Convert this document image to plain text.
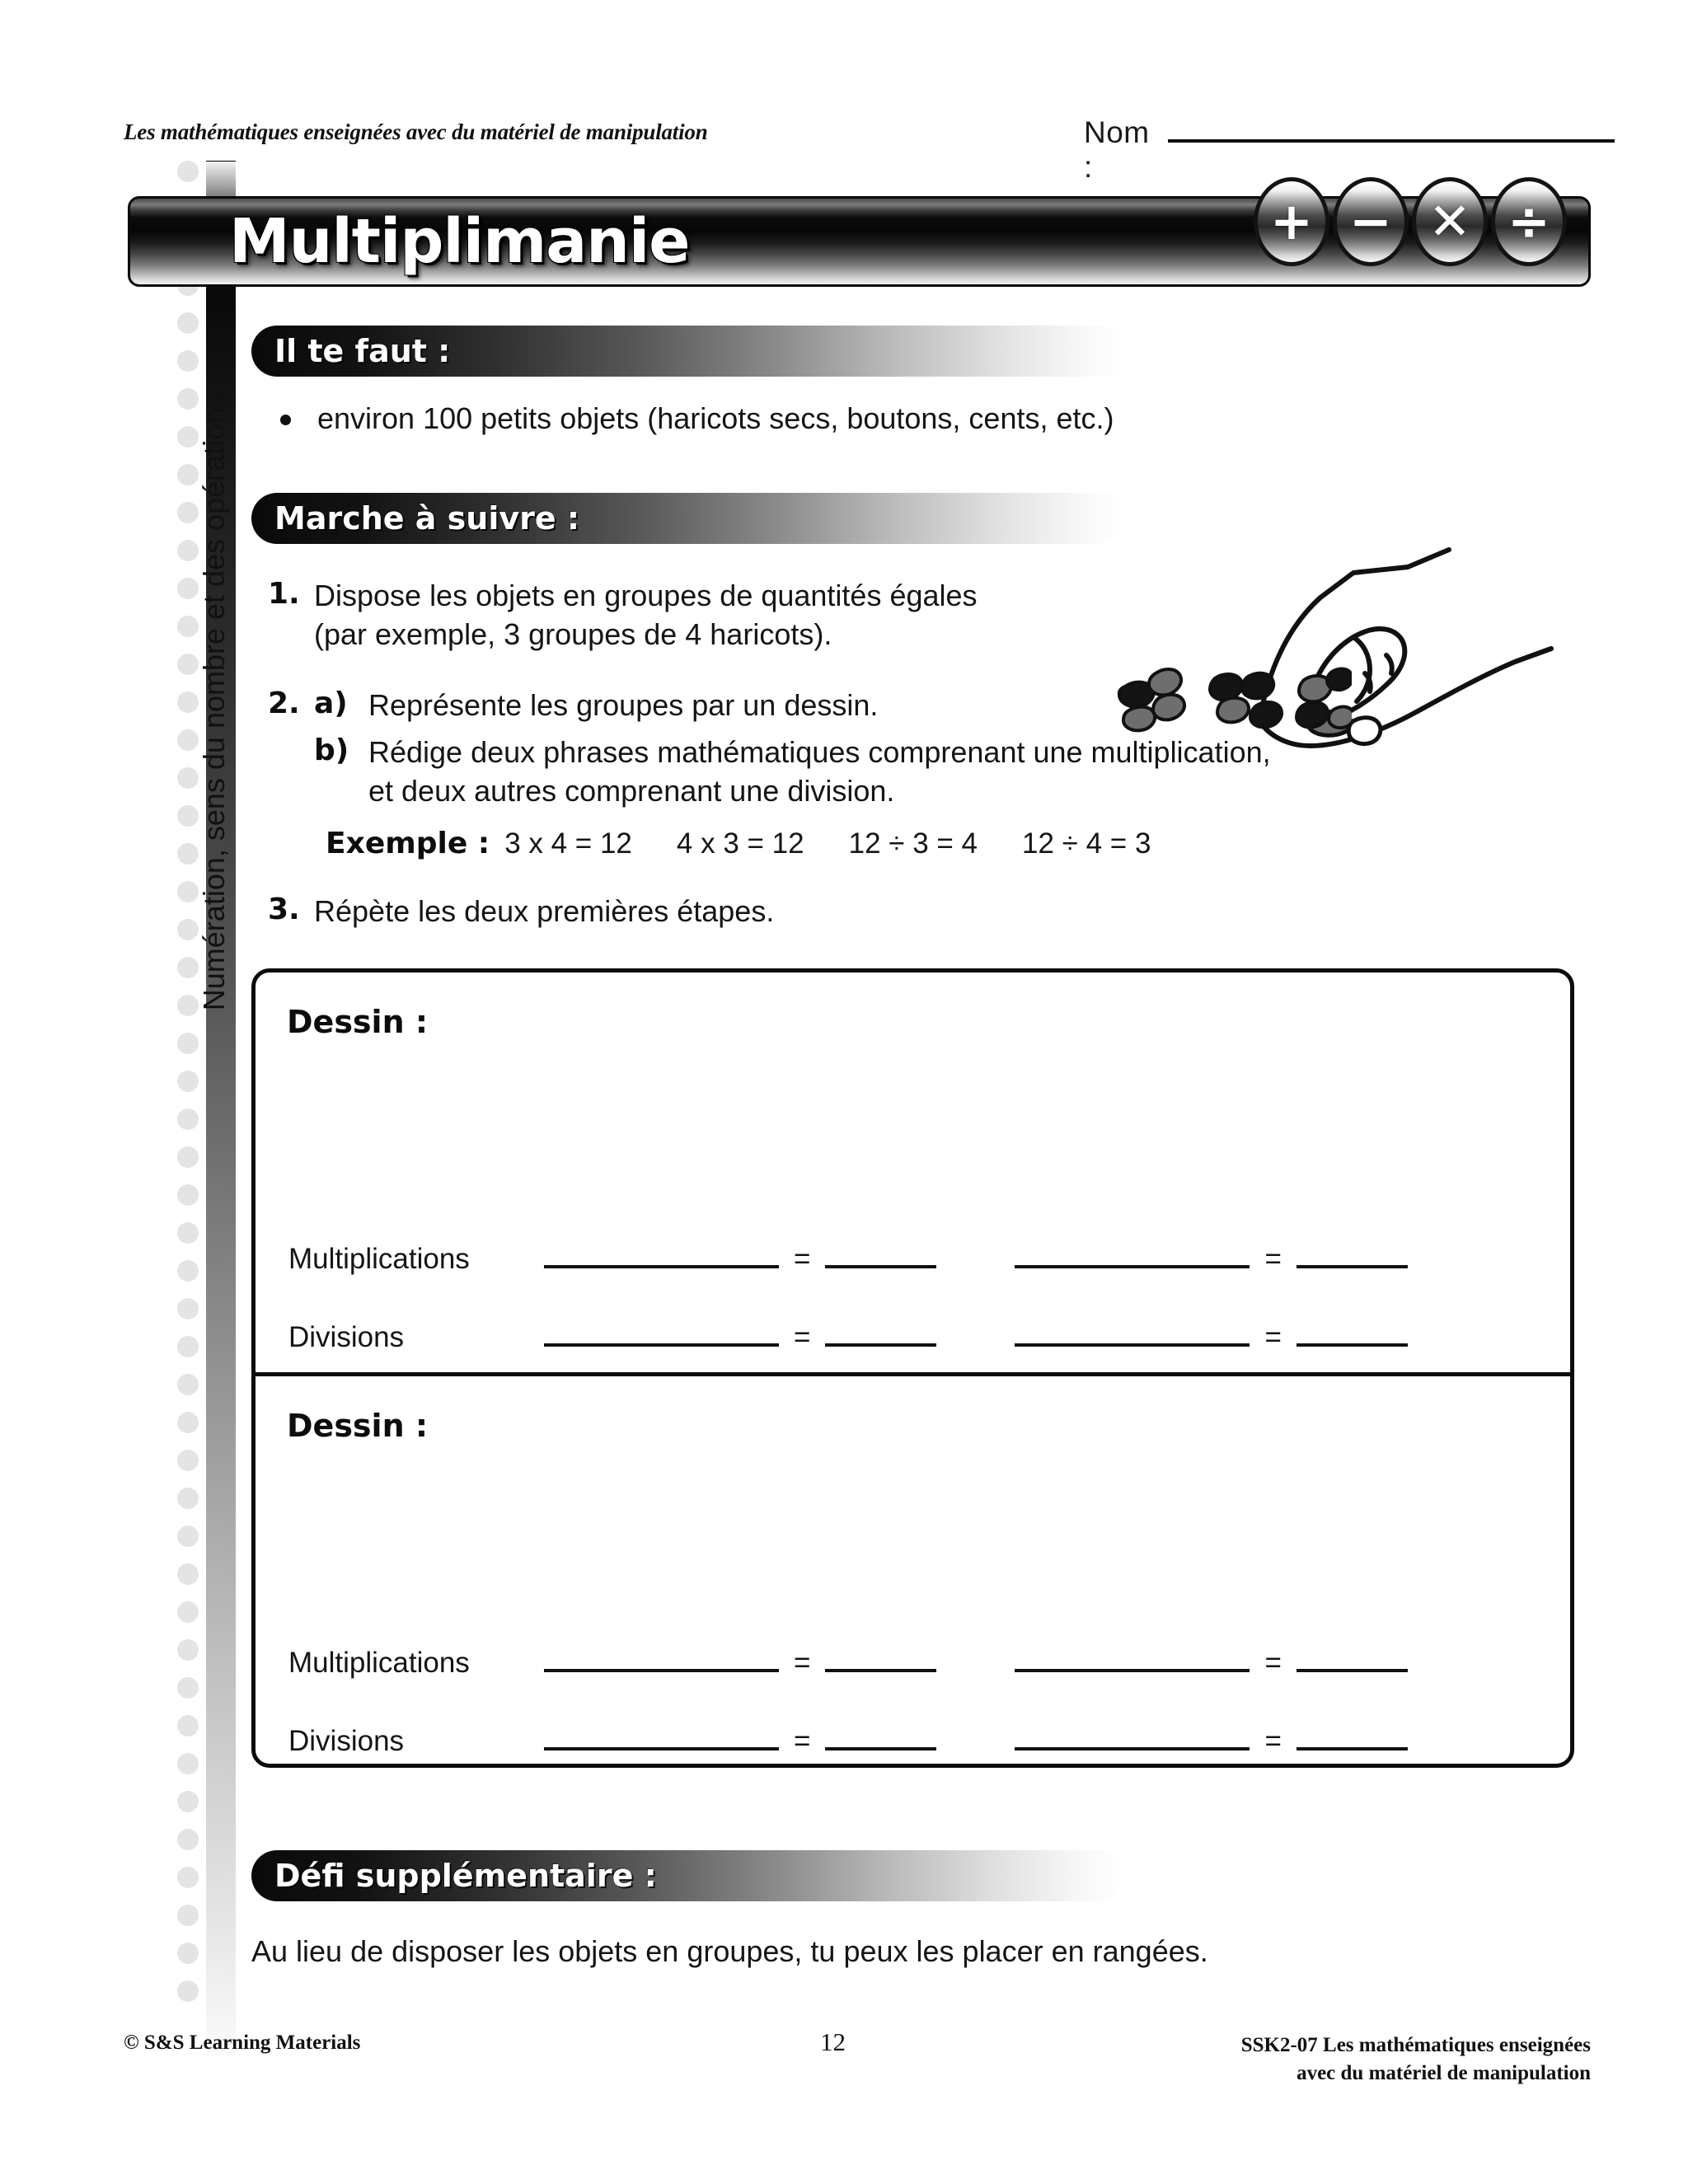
Les mathématiques enseignées avec du matériel de manipulation	Nom :
Numération, sens du nombre et des opérations
Multiplimanie	+ − ✕ ÷
Il te faut :
environ 100 petits objets (haricots secs, boutons, cents, etc.)
Marche à suivre :
1. Dispose les objets en groupes de quantités égales
(par exemple, 3 groupes de 4 haricots).
2. a) Représente les groupes par un dessin.
b) Rédige deux phrases mathématiques comprenant une multiplication,
et deux autres comprenant une division.
Exemple : 3 x 4 = 12 4 x 3 = 12 12 ÷ 3 = 4 12 ÷ 4 = 3
3. Répète les deux premières étapes.
Dessin :
Multiplications	=	=
Divisions	=	=
Dessin :
Multiplications	=	=
Divisions	=	=
Défi supplémentaire :
Au lieu de disposer les objets en groupes, tu peux les placer en rangées.
© S&S Learning Materials	12	SSK2-07 Les mathématiques enseignées
avec du matériel de manipulation
